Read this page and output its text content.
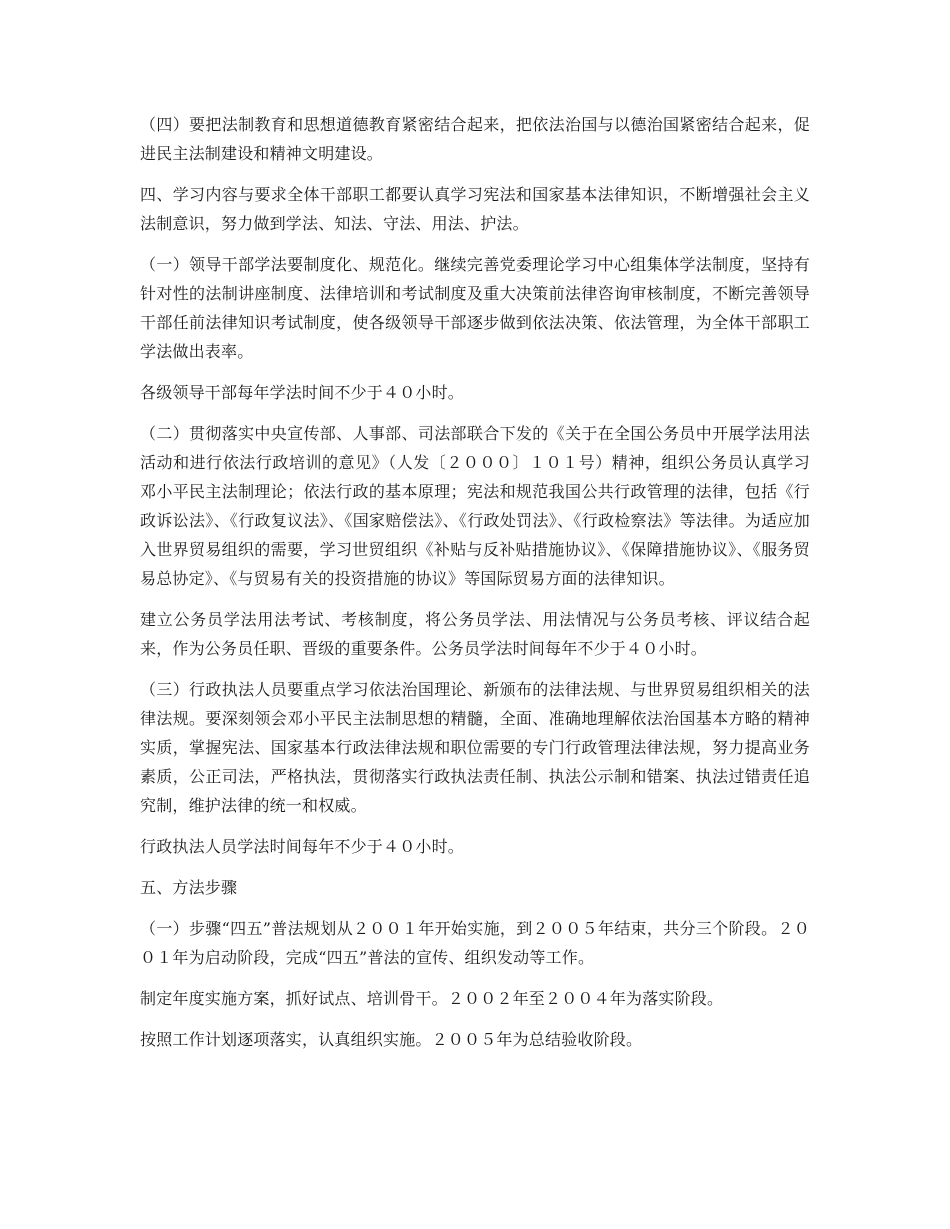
（四）要把法制教育和思想道德教育紧密结合起来，把依法治国与以德治国紧密结合起来，促进民主法制建设和精神文明建设。

四、学习内容与要求全体干部职工都要认真学习宪法和国家基本法律知识，不断增强社会主义法制意识，努力做到学法、知法、守法、用法、护法。

（一）领导干部学法要制度化、规范化。继续完善党委理论学习中心组集体学法制度，坚持有针对性的法制讲座制度、法律培训和考试制度及重大决策前法律咨询审核制度，不断完善领导干部任前法律知识考试制度，使各级领导干部逐步做到依法决策、依法管理，为全体干部职工学法做出表率。

各级领导干部每年学法时间不少于４０小时。

（二）贯彻落实中央宣传部、人事部、司法部联合下发的《关于在全国公务员中开展学法用法活动和进行依法行政培训的意见》（人发〔２０００〕１０１号）精神，组织公务员认真学习邓小平民主法制理论；依法行政的基本原理；宪法和规范我国公共行政管理的法律，包括《行政诉讼法》、《行政复议法》、《国家赔偿法》、《行政处罚法》、《行政检察法》等法律。为适应加入世界贸易组织的需要，学习世贸组织《补贴与反补贴措施协议》、《保障措施协议》、《服务贸易总协定》、《与贸易有关的投资措施的协议》等国际贸易方面的法律知识。

建立公务员学法用法考试、考核制度，将公务员学法、用法情况与公务员考核、评议结合起来，作为公务员任职、晋级的重要条件。公务员学法时间每年不少于４０小时。

（三）行政执法人员要重点学习依法治国理论、新颁布的法律法规、与世界贸易组织相关的法律法规。要深刻领会邓小平民主法制思想的精髓，全面、准确地理解依法治国基本方略的精神实质，掌握宪法、国家基本行政法律法规和职位需要的专门行政管理法律法规，努力提高业务素质，公正司法，严格执法，贯彻落实行政执法责任制、执法公示制和错案、执法过错责任追究制，维护法律的统一和权威。

行政执法人员学法时间每年不少于４０小时。

五、方法步骤

（一）步骤“四五”普法规划从２００１年开始实施，到２００５年结束，共分三个阶段。２００１年为启动阶段，完成“四五”普法的宣传、组织发动等工作。

制定年度实施方案，抓好试点、培训骨干。２００２年至２００４年为落实阶段。

按照工作计划逐项落实，认真组织实施。２００５年为总结验收阶段。
